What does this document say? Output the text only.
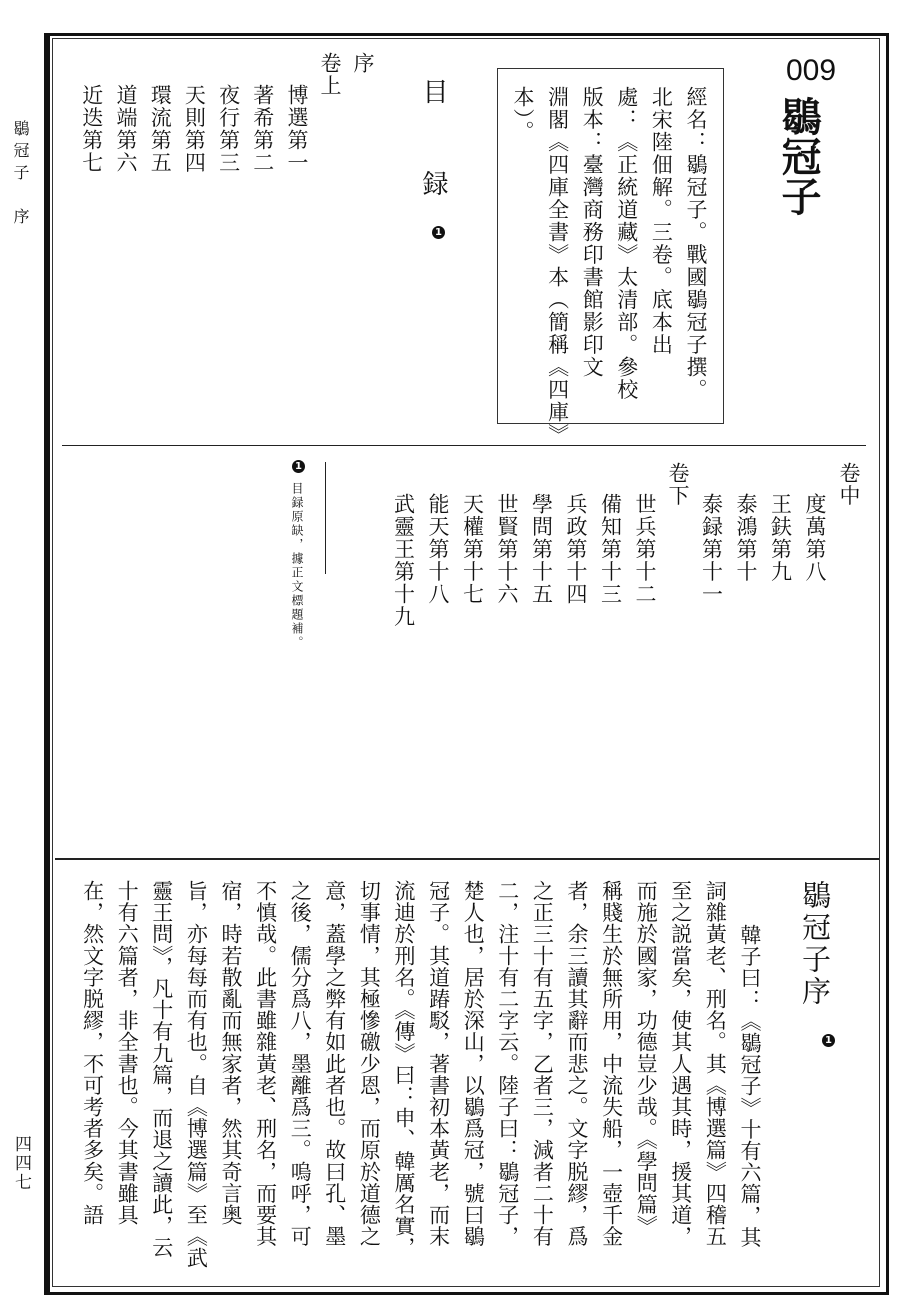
鶡冠子　序
四四七
009
鶡冠子
經名：鶡冠子。戰國鶡冠子撰。
北宋陸佃解。三卷。底本出
處：《正統道藏》太清部。參校
版本：臺灣商務印書館影印文
淵閣《四庫全書》本（簡稱《四庫》
本）。
目　録
1
序
卷上
博選第一
著希第二
夜行第三
天則第四
環流第五
道端第六
近迭第七
卷中
度萬第八
王鈇第九
泰鴻第十
泰録第十一
卷下
世兵第十二
備知第十三
兵政第十四
學問第十五
世賢第十六
天權第十七
能天第十八
武靈王第十九
1
目録原缺，據正文標題補。
鶡冠子序
1
韓子曰：《鶡冠子》十有六篇，其
詞雜黃老、刑名。其《博選篇》四稽五
至之説當矣，使其人遇其時，援其道，
而施於國家，功德豈少哉。《學問篇》
稱賤生於無所用，中流失船，一壺千金
者，余三讀其辭而悲之。文字脱繆，爲
之正三十有五字，乙者三，減者二十有
二，注十有二字云。陸子曰：鶡冠子，
楚人也，居於深山，以鶡爲冠，號曰鶡
冠子。其道踳駁，著書初本黃老，而末
流迪於刑名。《傳》曰：申、韓厲名實，
切事情，其極慘礉少恩，而原於道德之
意，蓋學之弊有如此者也。故曰孔、墨
之後，儒分爲八，墨離爲三。嗚呼，可
不慎哉。此書雖雜黃老、刑名，而要其
宿，時若散亂而無家者，然其奇言奥
旨，亦每每而有也。自《博選篇》至《武
靈王問》，凡十有九篇，而退之讀此，云
十有六篇者，非全書也。今其書雖具
在，然文字脱繆，不可考者多矣。語
